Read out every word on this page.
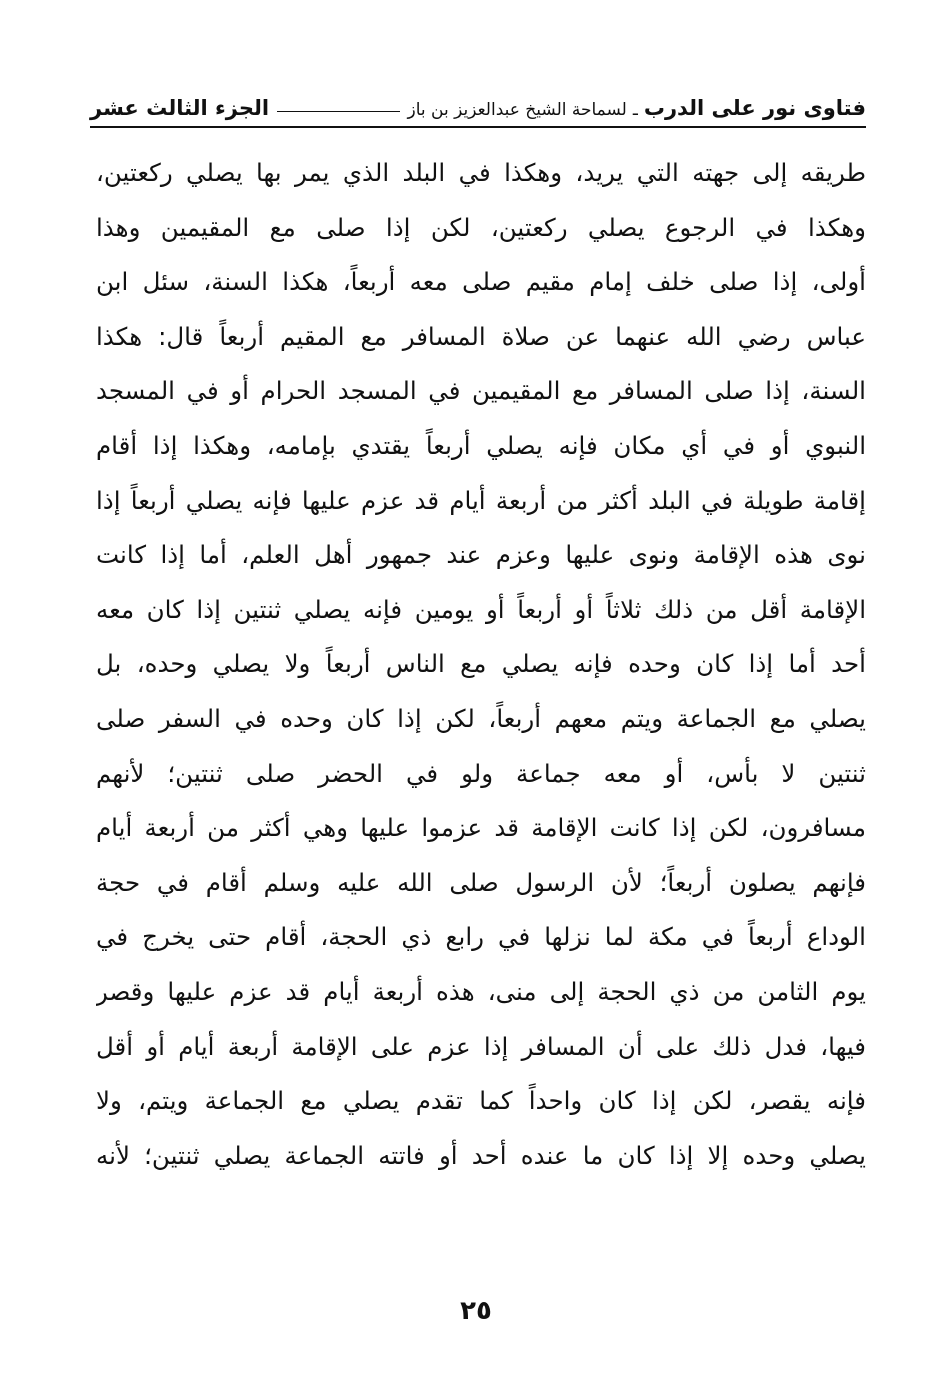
فتاوى نور على الدرب
ـ
لسماحة الشيخ عبدالعزيز بن باز
الجزء الثالث عشر
طريقه إلى جهته التي يريد، وهكذا في البلد الذي يمر بها يصلي ركعتين،
وهكذا في الرجوع يصلي ركعتين، لكن إذا صلى مع المقيمين وهذا
أولى، إذا صلى خلف إمام مقيم صلى معه أربعاً، هكذا السنة، سئل ابن
عباس رضي الله عنهما عن صلاة المسافر مع المقيم أربعاً قال: هكذا
السنة، إذا صلى المسافر مع المقيمين في المسجد الحرام أو في المسجد
النبوي أو في أي مكان فإنه يصلي أربعاً يقتدي بإمامه، وهكذا إذا أقام
إقامة طويلة في البلد أكثر من أربعة أيام قد عزم عليها فإنه يصلي أربعاً إذا
نوى هذه الإقامة ونوى عليها وعزم عند جمهور أهل العلم، أما إذا كانت
الإقامة أقل من ذلك ثلاثاً أو أربعاً أو يومين فإنه يصلي ثنتين إذا كان معه
أحد أما إذا كان وحده فإنه يصلي مع الناس أربعاً ولا يصلي وحده، بل
يصلي مع الجماعة ويتم معهم أربعاً، لكن إذا كان وحده في السفر صلى
ثنتين لا بأس، أو معه جماعة ولو في الحضر صلى ثنتين؛ لأنهم
مسافرون، لكن إذا كانت الإقامة قد عزموا عليها وهي أكثر من أربعة أيام
فإنهم يصلون أربعاً؛ لأن الرسول صلى الله عليه وسلم أقام في حجة
الوداع أربعاً في مكة لما نزلها في رابع ذي الحجة، أقام حتى يخرج في
يوم الثامن من ذي الحجة إلى منى، هذه أربعة أيام قد عزم عليها وقصر
فيها، فدل ذلك على أن المسافر إذا عزم على الإقامة أربعة أيام أو أقل
فإنه يقصر، لكن إذا كان واحداً كما تقدم يصلي مع الجماعة ويتم، ولا
يصلي وحده إلا إذا كان ما عنده أحد أو فاتته الجماعة يصلي ثنتين؛ لأنه
٢٥
